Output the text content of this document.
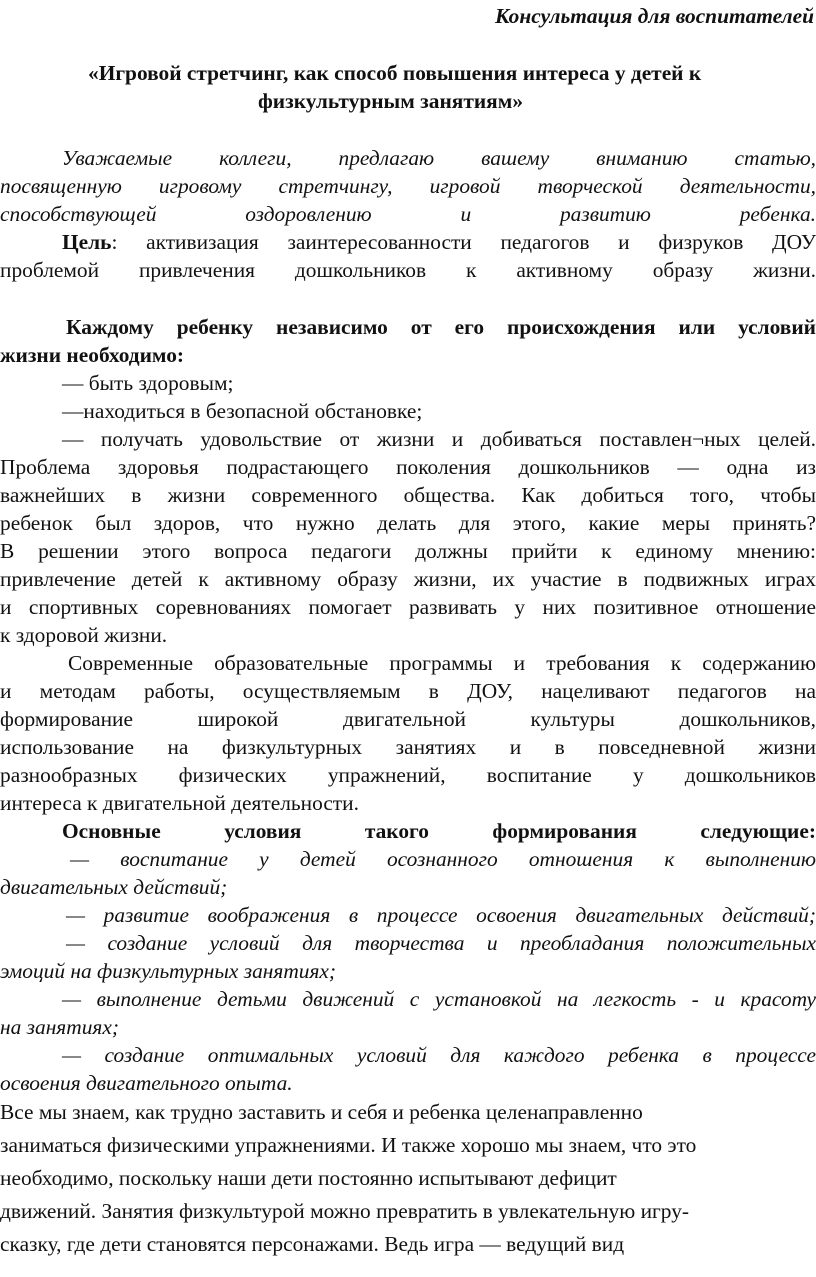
Консультация для воспитателей
«Игровой стретчинг, как способ повышения интереса у детей к
физкультурным занятиям»
Уважаемые коллеги, предлагаю вашему вниманию статью,
посвященную игровому стретчингу, игровой творческой деятельности,
способствующей оздоровлению и развитию ребенка.
Цель: активизация заинтересованности педагогов и физруков ДОУ
проблемой привлечения дошкольников к активному образу жизни.
Каждому ребенку независимо от его происхождения или условий
жизни необходимо:
— быть здоровым;
—находиться в безопасной обстановке;
— получать удовольствие от жизни и добиваться поставлен¬ных целей.
Проблема здоровья подрастающего поколения дошкольников — одна из
важнейших в жизни современного общества. Как добиться того, чтобы
ребенок был здоров, что нужно делать для этого, какие меры принять?
В решении этого вопроса педагоги должны прийти к единому мнению:
привлечение детей к активному образу жизни, их участие в подвижных играх
и спортивных соревнованиях помогает развивать у них позитивное отношение
к здоровой жизни.
Современные образовательные программы и требования к содержанию
и методам работы, осуществляемым в ДОУ, нацеливают педагогов на
формирование широкой двигательной культуры дошкольников,
использование на физкультурных занятиях и в повседневной жизни
разнообразных физических упражнений, воспитание у дошкольников
интереса к двигательной деятельности.
Основные условия такого формирования следующие:
— воспитание у детей осознанного отношения к выполнению
двигательных действий;
— развитие воображения в процессе освоения двигательных действий;
— создание условий для творчества и преобладания положительных
эмоций на физкультурных занятиях;
— выполнение детьми движений с установкой на легкость - и красоту
на занятиях;
— создание оптимальных условий для каждого ребенка в процессе
освоения двигательного опыта.
Все мы знаем, как трудно заставить и себя и ребенка целенаправленно
заниматься физическими упражнениями. И также хорошо мы знаем, что это
необходимо, поскольку наши дети постоянно испытывают дефицит
движений. Занятия физкультурой можно превратить в увлекательную игру-
сказку, где дети становятся персонажами. Ведь игра — ведущий вид
